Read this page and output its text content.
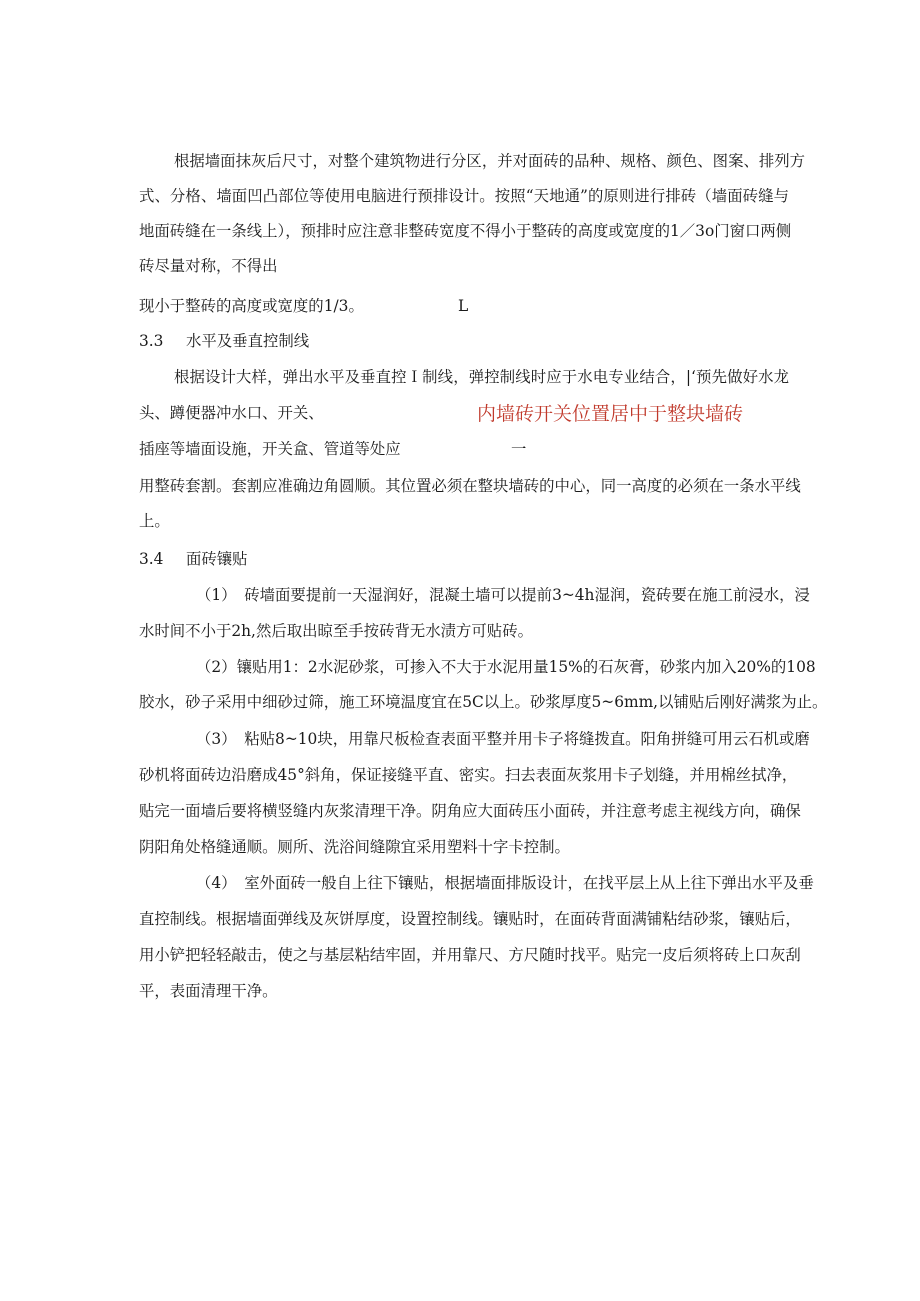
根据墙面抹灰后尺寸，对整个建筑物进行分区，并对面砖的品种、规格、颜色、图案、排列方
式、分格、墙面凹凸部位等使用电脑进行预排设计。按照“天地通”的原则进行排砖（墙面砖缝与
地面砖缝在一条线上），预排时应注意非整砖宽度不得小于整砖的高度或宽度的1／3o门窗口两侧
砖尽量对称，不得出
现小于整砖的高度或宽度的1/3。	L
3.3 水平及垂直控制线
根据设计大样，弹出水平及垂直控Ｉ制线，弹控制线时应于水电专业结合，|‘预先做好水龙
头、蹲便器冲水口、开关、	内墙砖开关位置居中于整块墙砖
插座等墙面设施，开关盒、管道等处应	一
用整砖套割。套割应准确边角圆顺。其位置必须在整块墙砖的中心，同一高度的必须在一条水平线
上。
3.4 面砖镶贴
（1）　砖墙面要提前一天湿润好，混凝土墙可以提前3~4h湿润，瓷砖要在施工前浸水，浸
水时间不小于2h,然后取出晾至手按砖背无水渍方可贴砖。
（2）镶贴用1：2水泥砂浆，可掺入不大于水泥用量15%的石灰膏，砂浆内加入20%的108
胶水，砂子采用中细砂过筛，施工环境温度宜在5C以上。砂浆厚度5~6mm,以铺贴后刚好满浆为止。
（3）　粘贴8~10块，用靠尺板检查表面平整并用卡子将缝拨直。阳角拼缝可用云石机或磨
砂机将面砖边沿磨成45°斜角，保证接缝平直、密实。扫去表面灰浆用卡子划缝，并用棉丝拭净，
贴完一面墙后要将横竖缝内灰浆清理干净。阴角应大面砖压小面砖，并注意考虑主视线方向，确保
阴阳角处格缝通顺。厕所、洗浴间缝隙宜采用塑料十字卡控制。
（4）　室外面砖一般自上往下镶贴，根据墙面排版设计，在找平层上从上往下弹出水平及垂
直控制线。根据墙面弹线及灰饼厚度，设置控制线。镶贴时，在面砖背面满铺粘结砂浆，镶贴后，
用小铲把轻轻敲击，使之与基层粘结牢固，并用靠尺、方尺随时找平。贴完一皮后须将砖上口灰刮
平，表面清理干净。
